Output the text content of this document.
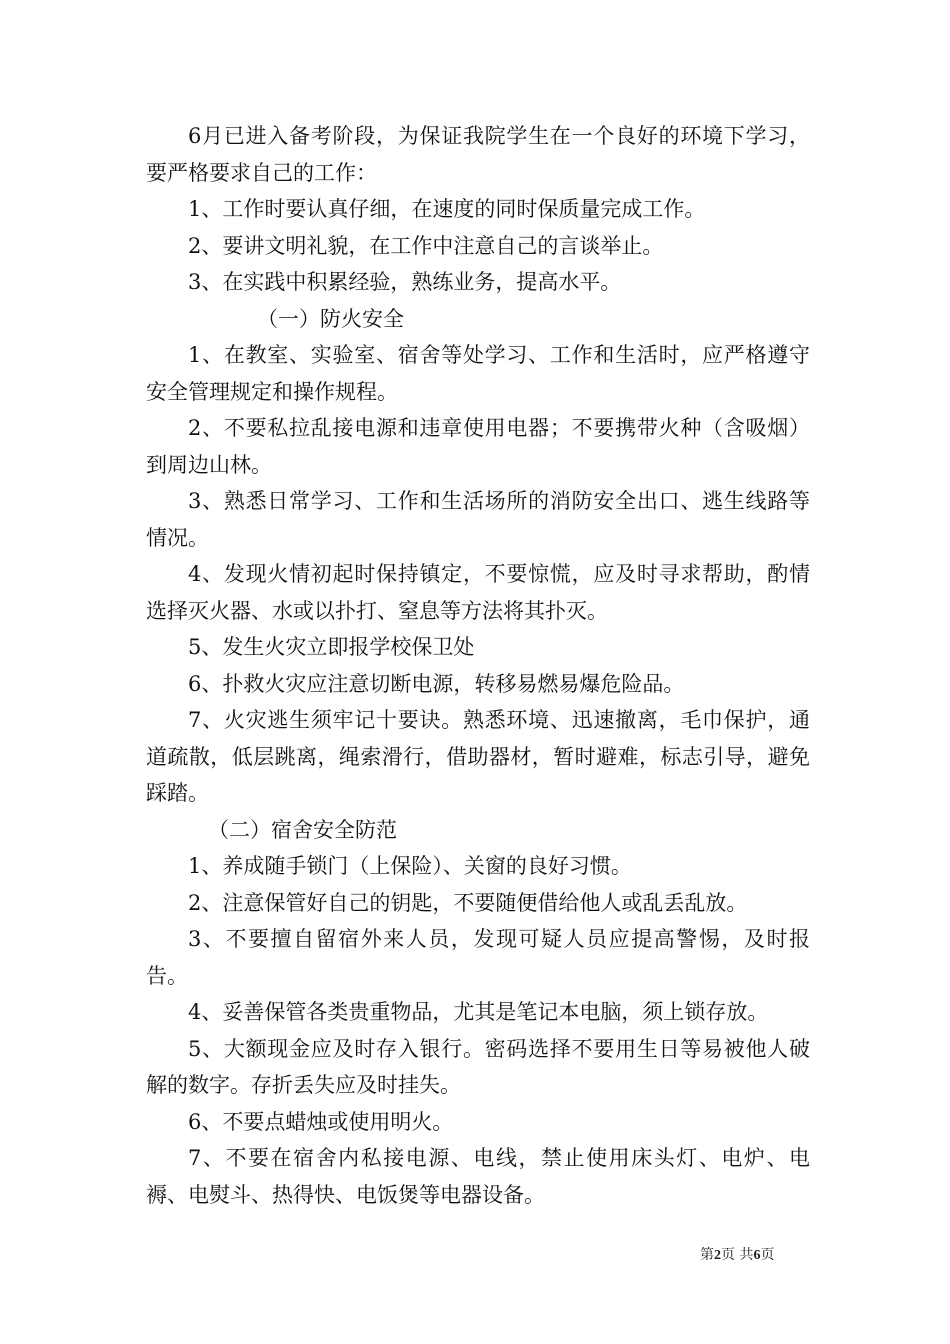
6月已进入备考阶段，为保证我院学生在一个良好的环境下学习，要严格要求自己的工作：

1、工作时要认真仔细，在速度的同时保质量完成工作。

2、要讲文明礼貌，在工作中注意自己的言谈举止。

3、在实践中积累经验，熟练业务，提高水平。

（一）防火安全

1、在教室、实验室、宿舍等处学习、工作和生活时，应严格遵守安全管理规定和操作规程。

2、不要私拉乱接电源和违章使用电器；不要携带火种（含吸烟）到周边山林。

3、熟悉日常学习、工作和生活场所的消防安全出口、逃生线路等情况。

4、发现火情初起时保持镇定，不要惊慌，应及时寻求帮助，酌情选择灭火器、水或以扑打、窒息等方法将其扑灭。

5、发生火灾立即报学校保卫处

6、扑救火灾应注意切断电源，转移易燃易爆危险品。

7、火灾逃生须牢记十要诀。熟悉环境、迅速撤离，毛巾保护，通道疏散，低层跳离，绳索滑行，借助器材，暂时避难，标志引导，避免踩踏。

（二）宿舍安全防范

1、养成随手锁门（上保险）、关窗的良好习惯。

2、注意保管好自己的钥匙，不要随便借给他人或乱丢乱放。

3、不要擅自留宿外来人员，发现可疑人员应提高警惕，及时报告。

4、妥善保管各类贵重物品，尤其是笔记本电脑，须上锁存放。

5、大额现金应及时存入银行。密码选择不要用生日等易被他人破解的数字。存折丢失应及时挂失。

6、不要点蜡烛或使用明火。

7、不要在宿舍内私接电源、电线，禁止使用床头灯、电炉、电褥、电熨斗、热得快、电饭煲等电器设备。

第2页 共6页
